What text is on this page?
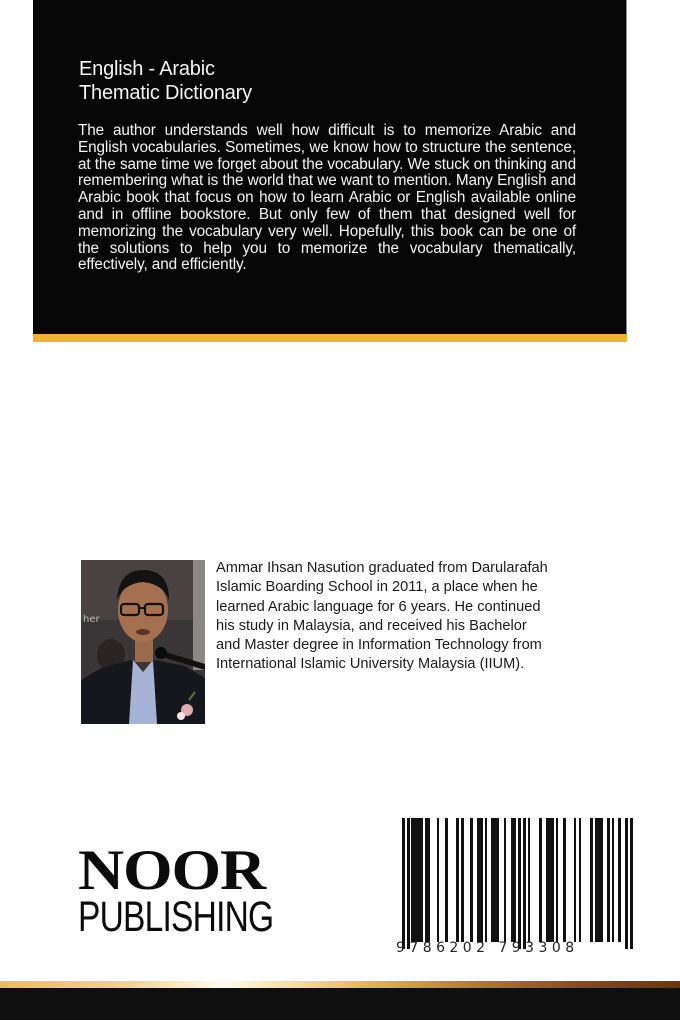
English - Arabic
Thematic Dictionary
The author understands well how difficult is to memorize Arabic and English vocabularies. Sometimes, we know how to structure the sentence, at the same time we forget about the vocabulary. We stuck on thinking and remembering what is the world that we want to mention. Many English and Arabic book that focus on how to learn Arabic or English available online and in offline bookstore. But only few of them that designed well for memorizing the vocabulary very well. Hopefully, this book can be one of the solutions to help you to memorize the vocabulary thematically, effectively, and efficiently.
her
Ammar Ihsan Nasution graduated from Darularafah
Islamic Boarding School in 2011, a place when he
learned Arabic language for 6 years. He continued
his study in Malaysia, and received his Bachelor
and Master degree in Information Technology from
International Islamic University Malaysia (IIUM).
NOOR
PUBLISHING
9 7 8 6 2 0 2   7 9 3 3 0 8
